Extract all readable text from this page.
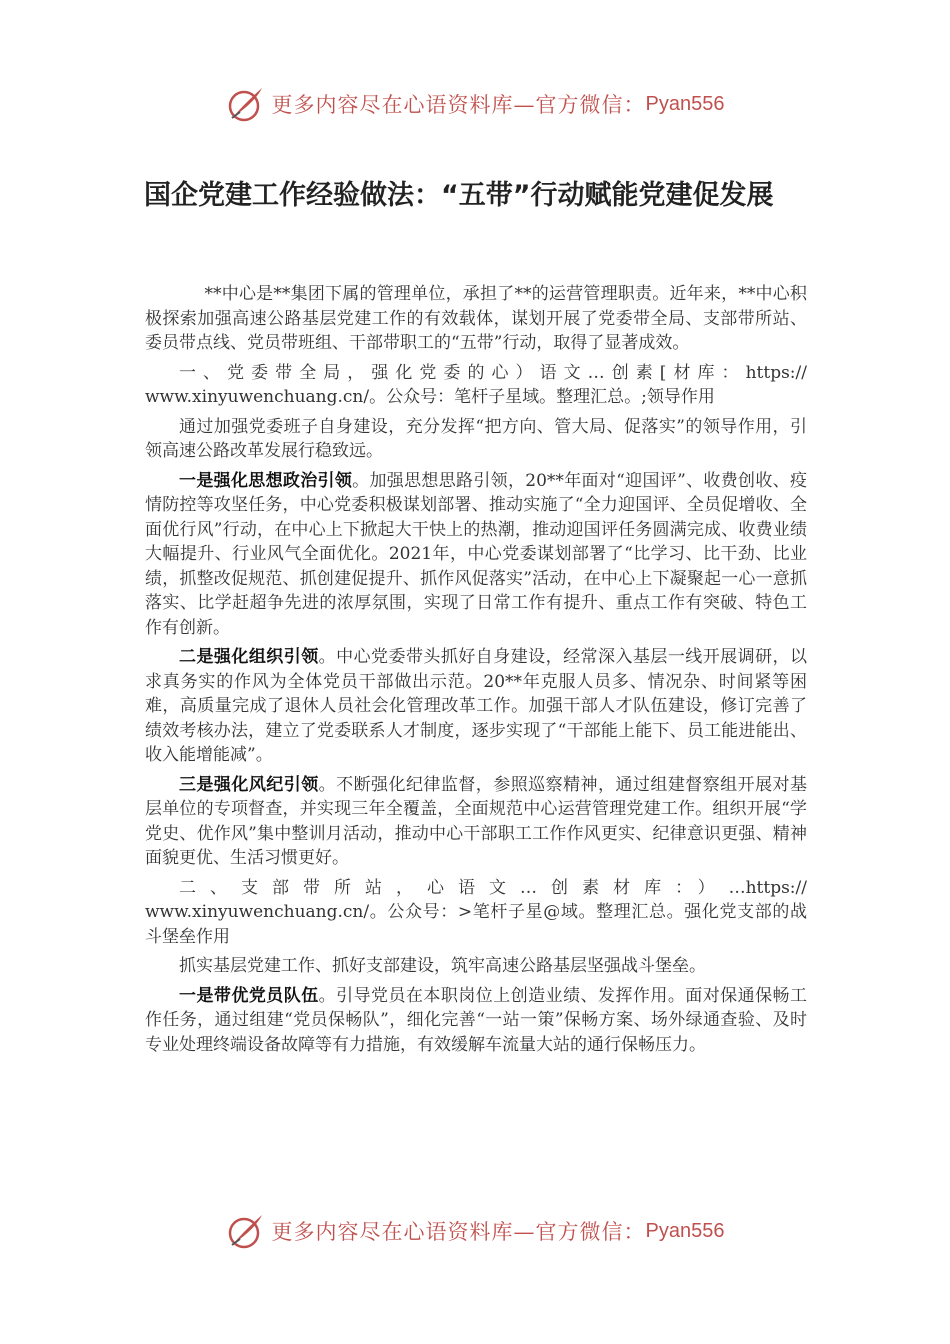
更多内容尽在心语资料库—官方微信： Pyan556
国企党建工作经验做法：“五带”行动赋能党建促发展

**中心是**集团下属的管理单位，承担了**的运营管理职责。近年来，**中心积极探索加强高速公路基层党建工作的有效载体，谋划开展了党委带全局、支部带所站、委员带点线、党员带班组、干部带职工的“五带”行动，取得了显著成效。

一、党委带全局，强化党委的心）语文…创素[材库：https://

www.xinyuwenchuang.cn/。公众号：笔杆子星域。整理汇总。;领导作用

通过加强党委班子自身建设，充分发挥“把方向、管大局、促落实”的领导作用，引领高速公路改革发展行稳致远。

一是强化思想政治引领。加强思想思路引领，20**年面对“迎国评”、收费创收、疫情防控等攻坚任务，中心党委积极谋划部署、推动实施了“全力迎国评、全员促增收、全面优行风”行动，在中心上下掀起大干快上的热潮，推动迎国评任务圆满完成、收费业绩大幅提升、行业风气全面优化。2021年，中心党委谋划部署了“比学习、比干劲、比业绩，抓整改促规范、抓创建促提升、抓作风促落实”活动，在中心上下凝聚起一心一意抓落实、比学赶超争先进的浓厚氛围，实现了日常工作有提升、重点工作有突破、特色工作有创新。

二是强化组织引领。中心党委带头抓好自身建设，经常深入基层一线开展调研，以求真务实的作风为全体党员干部做出示范。20**年克服人员多、情况杂、时间紧等困难，高质量完成了退休人员社会化管理改革工作。加强干部人才队伍建设，修订完善了绩效考核办法，建立了党委联系人才制度，逐步实现了“干部能上能下、员工能进能出、收入能增能减”。

三是强化风纪引领。不断强化纪律监督，参照巡察精神，通过组建督察组开展对基层单位的专项督查，并实现三年全覆盖，全面规范中心运营管理党建工作。组织开展“学党史、优作风”集中整训月活动，推动中心干部职工工作作风更实、纪律意识更强、精神面貌更优、生活习惯更好。

二、支部带所站，心语文…创素材库：）…https://

www.xinyuwenchuang.cn/。公众号：>笔杆子星@域。整理汇总。强化党支部的战斗堡垒作用

抓实基层党建工作、抓好支部建设，筑牢高速公路基层坚强战斗堡垒。

一是带优党员队伍。引导党员在本职岗位上创造业绩、发挥作用。面对保通保畅工作任务，通过组建“党员保畅队”，细化完善“一站一策”保畅方案、场外绿通查验、及时专业处理终端设备故障等有力措施，有效缓解车流量大站的通行保畅压力。

更多内容尽在心语资料库—官方微信： Pyan556
